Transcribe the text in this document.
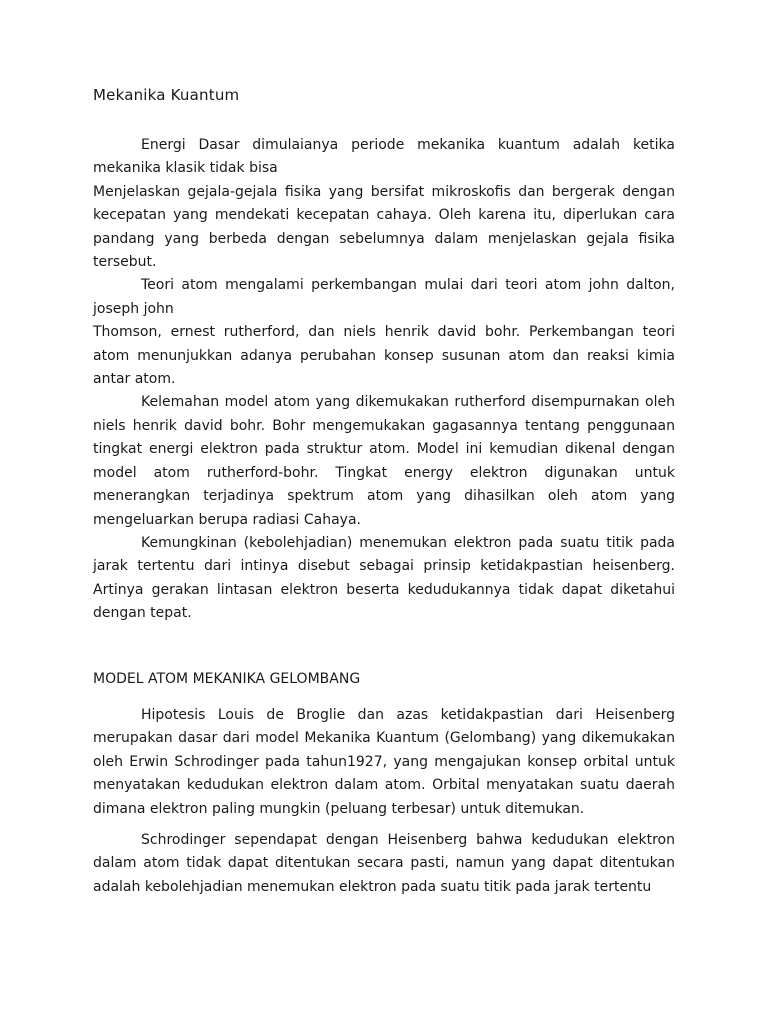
Mekanika Kuantum

Energi Dasar dimulaianya periode mekanika kuantum adalah ketika mekanika klasik tidak bisa

Menjelaskan gejala-gejala fisika yang bersifat mikroskofis dan bergerak dengan kecepatan yang mendekati kecepatan cahaya. Oleh karena itu, diperlukan cara pandang yang berbeda dengan sebelumnya dalam menjelaskan gejala fisika tersebut.

Teori atom mengalami perkembangan mulai dari teori atom john dalton, joseph john

Thomson, ernest rutherford, dan niels henrik david bohr. Perkembangan teori atom menunjukkan adanya perubahan konsep susunan atom dan reaksi kimia antar atom.

Kelemahan model atom yang dikemukakan rutherford disempurnakan oleh niels henrik david bohr. Bohr mengemukakan gagasannya tentang penggunaan tingkat energi elektron pada struktur atom. Model ini kemudian dikenal dengan model atom rutherford-bohr. Tingkat energy elektron digunakan untuk menerangkan terjadinya spektrum atom yang dihasilkan oleh atom yang mengeluarkan berupa radiasi Cahaya.

Kemungkinan (kebolehjadian) menemukan elektron pada suatu titik pada jarak tertentu dari intinya disebut sebagai prinsip ketidakpastian heisenberg. Artinya gerakan lintasan elektron beserta kedudukannya tidak dapat diketahui dengan tepat.

MODEL ATOM MEKANIKA GELOMBANG

Hipotesis Louis de Broglie dan azas ketidakpastian dari Heisenberg merupakan dasar dari model Mekanika Kuantum (Gelombang) yang dikemukakan oleh Erwin Schrodinger pada tahun1927, yang mengajukan konsep orbital untuk menyatakan kedudukan elektron dalam atom. Orbital menyatakan suatu daerah dimana elektron paling mungkin (peluang terbesar) untuk ditemukan.

Schrodinger sependapat dengan Heisenberg bahwa kedudukan elektron dalam atom tidak dapat ditentukan secara pasti, namun yang dapat ditentukan adalah kebolehjadian menemukan elektron pada suatu titik pada jarak tertentu
